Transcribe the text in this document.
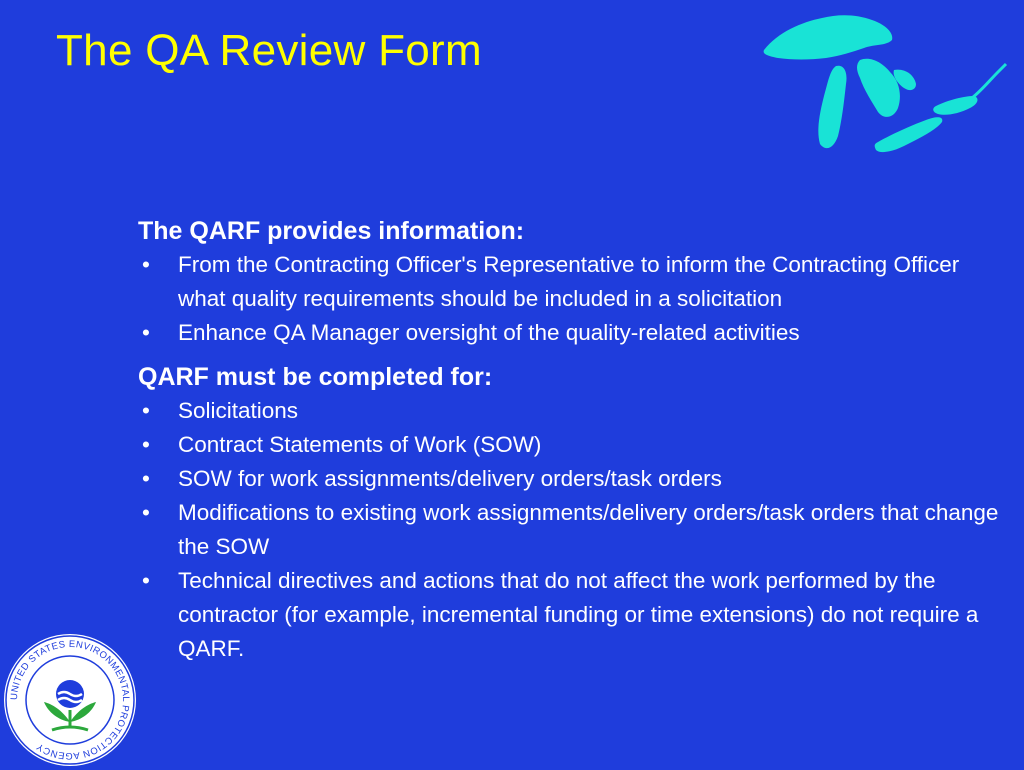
The QA Review Form
The QARF provides information:
• From the Contracting Officer's Representative to inform the Contracting Officer what quality requirements should be included in a solicitation
• Enhance QA Manager oversight of the quality-related activities
QARF must be completed for:
• Solicitations
• Contract Statements of Work (SOW)
• SOW for work assignments/delivery orders/task orders
• Modifications to existing work assignments/delivery orders/task orders that change the SOW
• Technical directives and actions that do not affect the work performed by the contractor (for example, incremental funding or time extensions) do not require a QARF.
UNITED STATES ENVIRONMENTAL PROTECTION AGENCY
